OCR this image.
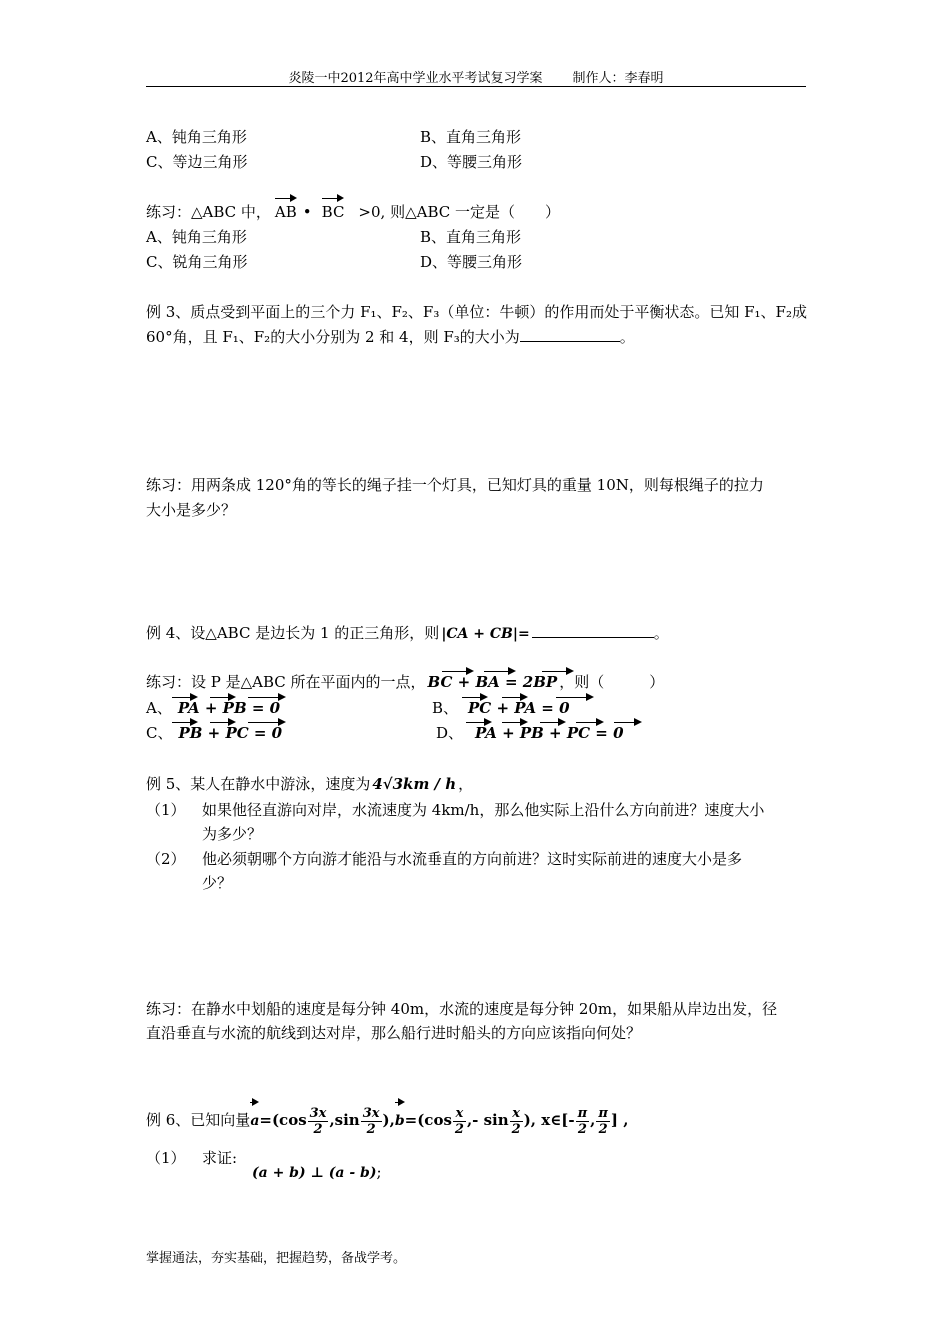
炎陵一中2012年高中学业水平考试复习学案 制作人：李春明
A、钝角三角形	B、直角三角形
C、等边三角形	D、等腰三角形
练习：△ABC 中， AB • BC >0, 则△ABC 一定是（　　）
A、钝角三角形	B、直角三角形
C、锐角三角形	D、等腰三角形
例 3、质点受到平面上的三个力 F₁、F₂、F₃（单位：牛顿）的作用而处于平衡状态。已知 F₁、F₂成
60°角，且 F₁、F₂的大小分别为 2 和 4，则 F₃的大小为	。
练习：用两条成 120°角的等长的绳子挂一个灯具，已知灯具的重量 10N，则每根绳子的拉力
大小是多少？
例 4、设△ABC 是边长为 1 的正三角形，则 |CA + CB|=	。
练习：设 P 是△ABC 所在平面内的一点， BC + BA = 2BP ，则（　　　）
A、 PA + PB = 0	B、 PC + PA = 0
C、 PB + PC = 0	D、 PA + PB + PC = 0
例 5、某人在静水中游泳，速度为 4√3km / h ，
（1） 如果他径直游向对岸，水流速度为 4km/h，那么他实际上沿什么方向前进？速度大小
为多少？
（2） 他必须朝哪个方向游才能沿与水流垂直的方向前进？这时实际前进的速度大小是多
少？
练习：在静水中划船的速度是每分钟 40m，水流的速度是每分钟 20m，如果船从岸边出发，径
直沿垂直与水流的航线到达对岸，那么船行进时船头的方向应该指向何处？
例 6、已知向量$a=(\cos \frac{3x}{2} ,\sin \frac{3x}{2} ),b=(\cos \frac{x}{2}$ ,- $\sin \frac{x}{2}$ ), x∈[- $\frac{\pi}{2}$ , $\frac{\pi}{2}$ ] ,
（1） 求证:
(a + b) ⊥ (a - b);
掌握通法，夯实基础，把握趋势，备战学考。
